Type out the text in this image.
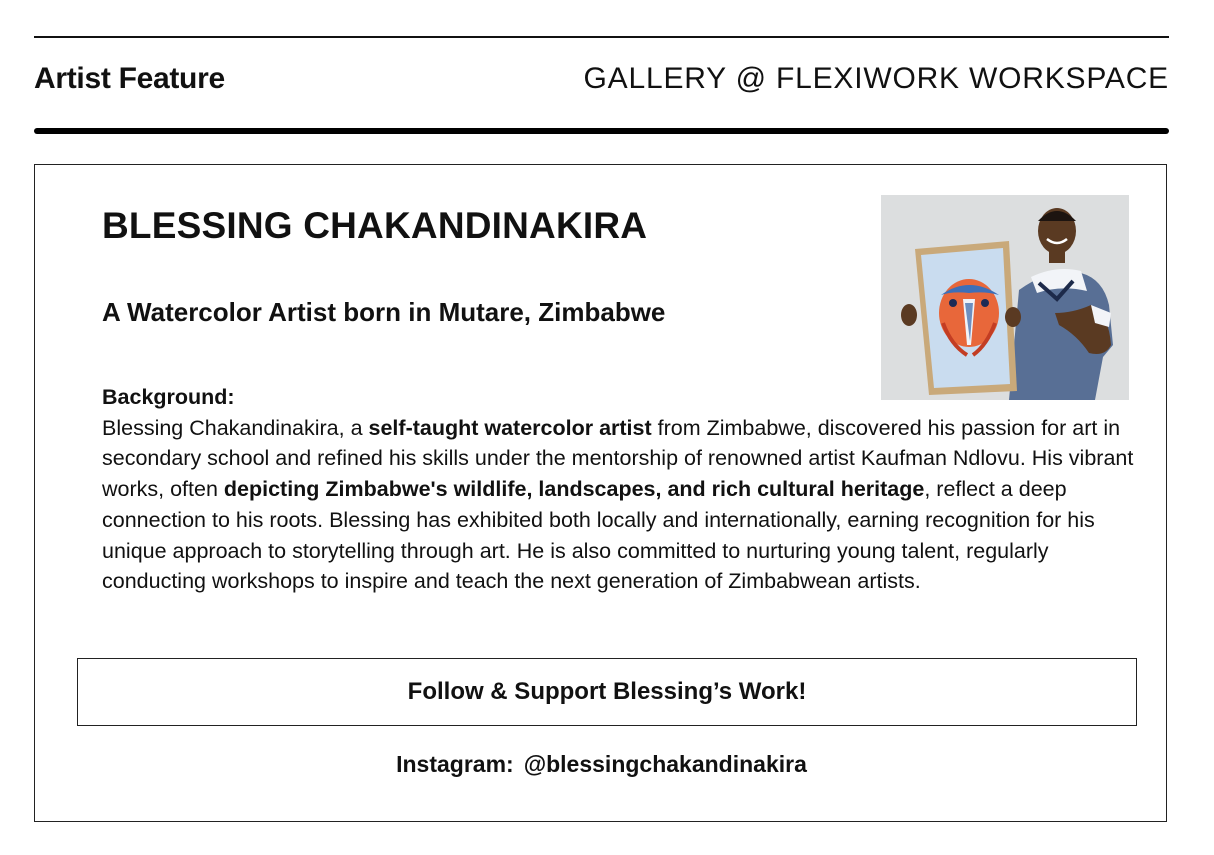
Artist Feature	GALLERY @ FLEXIWORK WORKSPACE
BLESSING CHAKANDINAKIRA
A Watercolor Artist born in Mutare, Zimbabwe
Background:
Blessing Chakandinakira, a self-taught watercolor artist from Zimbabwe, discovered his passion for art in secondary school and refined his skills under the mentorship of renowned artist Kaufman Ndlovu. His vibrant works, often depicting Zimbabwe's wildlife, landscapes, and rich cultural heritage, reflect a deep connection to his roots. Blessing has exhibited both locally and internationally, earning recognition for his unique approach to storytelling through art. He is also committed to nurturing young talent, regularly conducting workshops to inspire and teach the next generation of Zimbabwean artists.
Follow & Support Blessing’s Work!
Instagram: @blessingchakandinakira
